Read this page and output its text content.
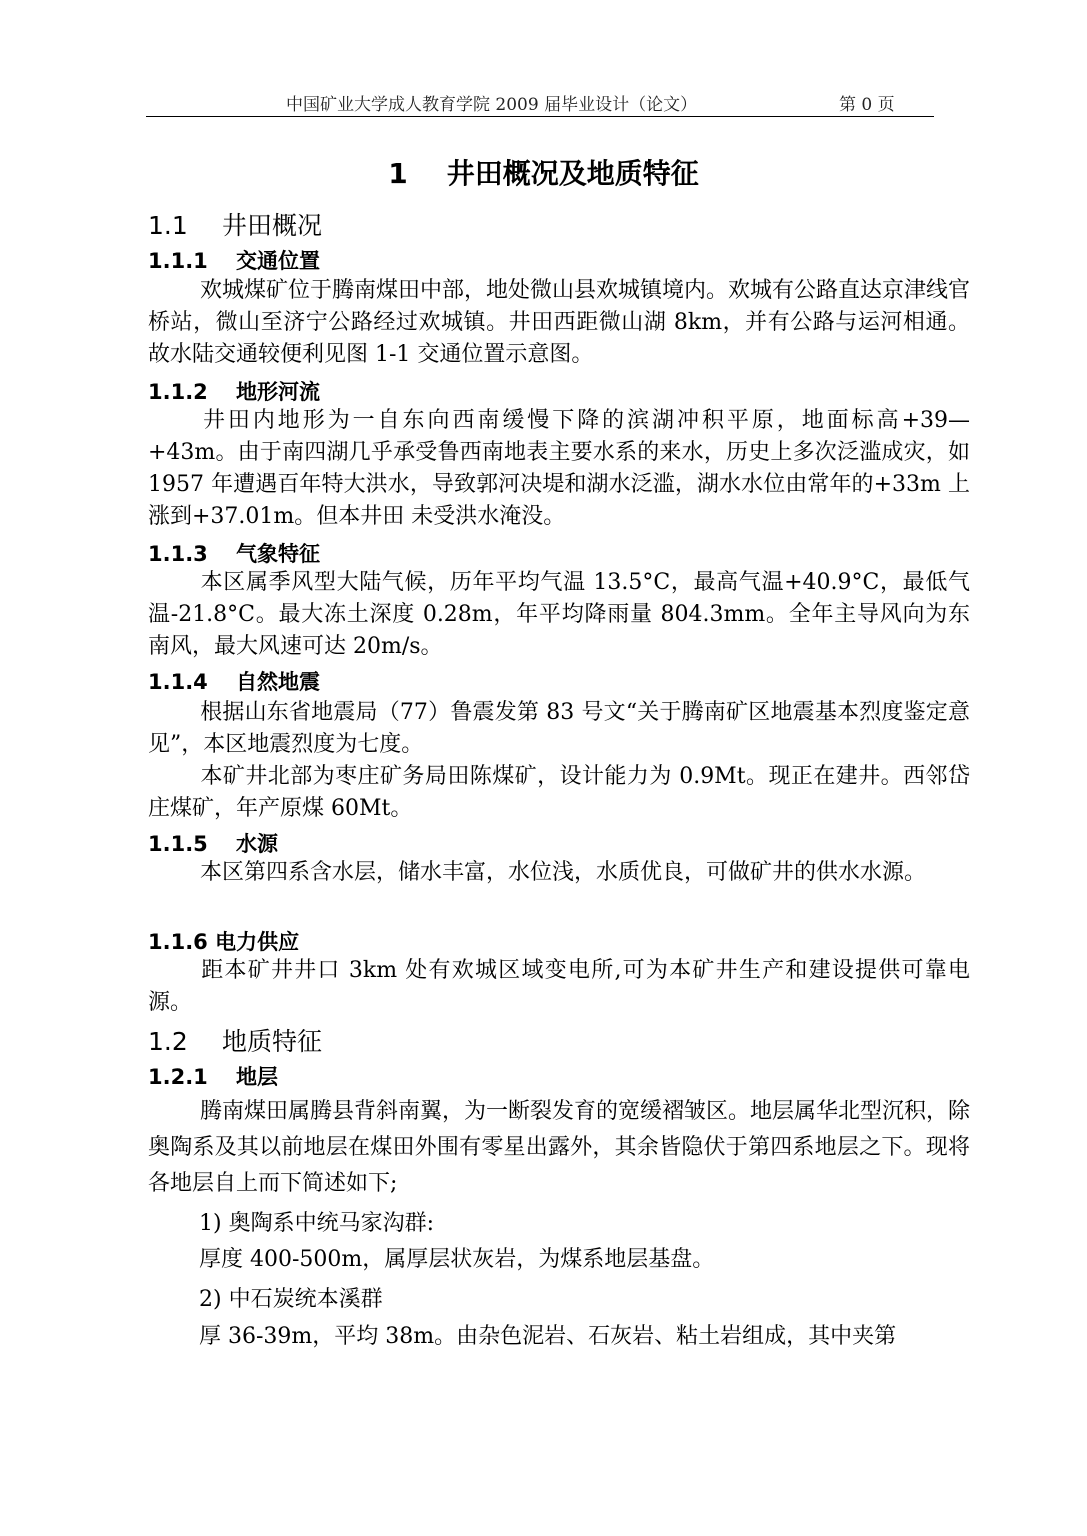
中国矿业大学成人教育学院 2009 届毕业设计（论文）	第 0 页
1    井田概况及地质特征
1.1 井田概况
1.1.1 交通位置
欢城煤矿位于腾南煤田中部，地处微山县欢城镇境内。欢城有公路直达京津线官桥站，微山至济宁公路经过欢城镇。井田西距微山湖 8km，并有公路与运河相通。故水陆交通较便利见图 1-1 交通位置示意图。
1.1.2 地形河流
井田内地形为一自东向西南缓慢下降的滨湖冲积平原，地面标高+39—+43m。由于南四湖几乎承受鲁西南地表主要水系的来水，历史上多次泛滥成灾，如 1957 年遭遇百年特大洪水，导致郭河决堤和湖水泛滥，湖水水位由常年的+33m 上涨到+37.01m。但本井田 未受洪水淹没。
1.1.3 气象特征
本区属季风型大陆气候，历年平均气温 13.5°C，最高气温+40.9°C，最低气温-21.8°C。最大冻土深度 0.28m，年平均降雨量 804.3mm。全年主导风向为东南风，最大风速可达 20m/s。
1.1.4 自然地震
根据山东省地震局（77）鲁震发第 83 号文“关于腾南矿区地震基本烈度鉴定意见”，本区地震烈度为七度。
本矿井北部为枣庄矿务局田陈煤矿，设计能力为 0.9Mt。现正在建井。西邻岱庄煤矿，年产原煤 60Mt。
1.1.5 水源
本区第四系含水层，储水丰富，水位浅，水质优良，可做矿井的供水水源。
1.1.6 电力供应
距本矿井井口 3km 处有欢城区域变电所,可为本矿井生产和建设提供可靠电源。
1.2 地质特征
1.2.1 地层
腾南煤田属腾县背斜南翼，为一断裂发育的宽缓褶皱区。地层属华北型沉积，除奥陶系及其以前地层在煤田外围有零星出露外，其余皆隐伏于第四系地层之下。现将各地层自上而下简述如下;
1) 奥陶系中统马家沟群:
厚度 400-500m，属厚层状灰岩，为煤系地层基盘。
2) 中石炭统本溪群
厚 36-39m，平均 38m。由杂色泥岩、石灰岩、粘土岩组成，其中夹第
